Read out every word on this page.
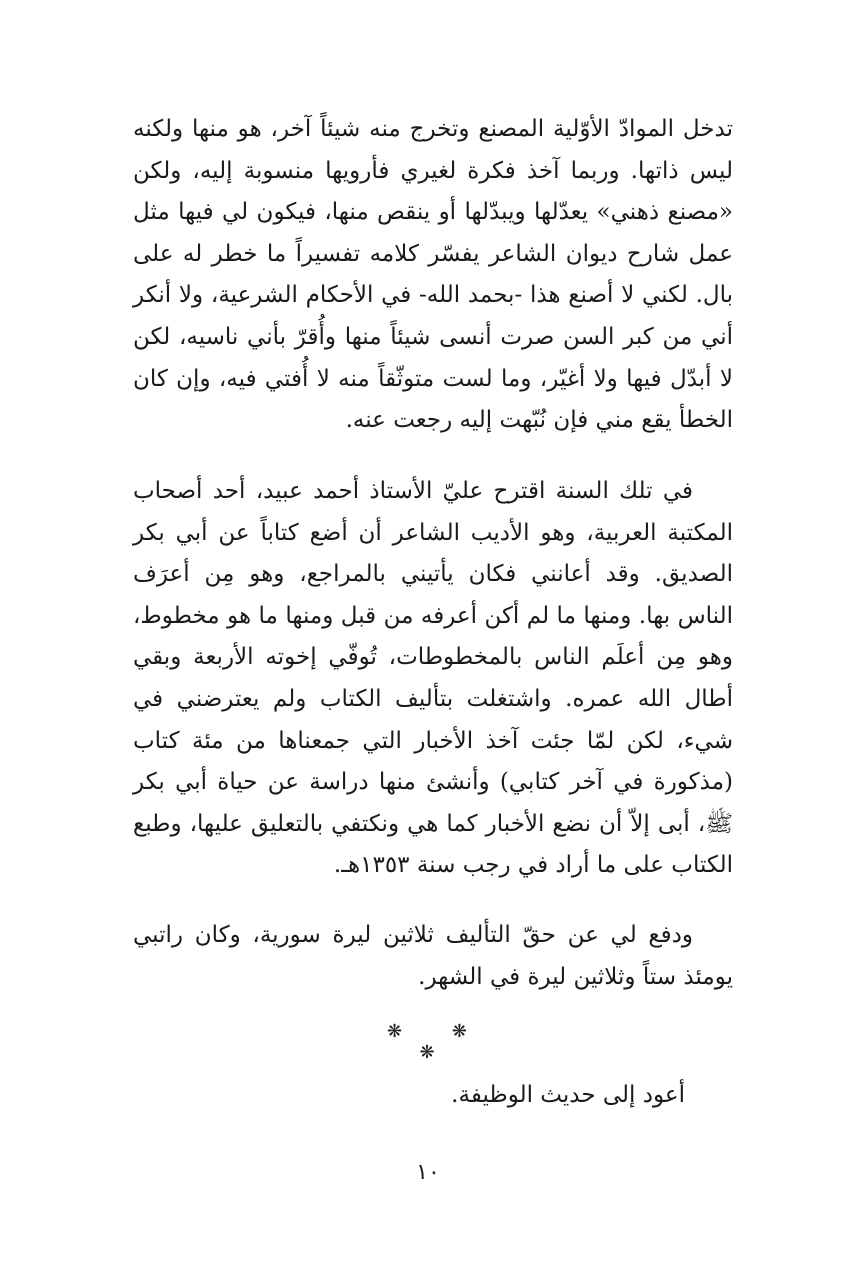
تدخل الموادّ الأوّلية المصنع وتخرج منه شيئاً آخر، هو منها ولكنه ليس ذاتها. وربما آخذ فكرة لغيري فأرويها منسوبة إليه، ولكن «مصنع ذهني» يعدّلها ويبدّلها أو ينقص منها، فيكون لي فيها مثل عمل شارح ديوان الشاعر يفسّر كلامه تفسيراً ما خطر له على بال. لكني لا أصنع هذا -بحمد الله- في الأحكام الشرعية، ولا أنكر أني من كبر السن صرت أنسى شيئاً منها وأُقرّ بأني ناسيه، لكن لا أبدّل فيها ولا أغيّر، وما لست متوثّقاً منه لا أُفتي فيه، وإن كان الخطأ يقع مني فإن نُبّهت إليه رجعت عنه.

في تلك السنة اقترح عليّ الأستاذ أحمد عبيد، أحد أصحاب المكتبة العربية، وهو الأديب الشاعر أن أضع كتاباً عن أبي بكر الصديق. وقد أعانني فكان يأتيني بالمراجع، وهو مِن أعرَف الناس بها. ومنها ما لم أكن أعرفه من قبل ومنها ما هو مخطوط، وهو مِن أعلَم الناس بالمخطوطات، تُوفّي إخوته الأربعة وبقي أطال الله عمره. واشتغلت بتأليف الكتاب ولم يعترضني في شيء، لكن لمّا جئت آخذ الأخبار التي جمعناها من مئة كتاب (مذكورة في آخر كتابي) وأنشئ منها دراسة عن حياة أبي بكر ﷺ، أبى إلاّ أن نضع الأخبار كما هي ونكتفي بالتعليق عليها، وطبع الكتاب على ما أراد في رجب سنة ١٣٥٣هـ.

ودفع لي عن حقّ التأليف ثلاثين ليرة سورية، وكان راتبي يومئذ ستاً وثلاثين ليرة في الشهر.

❋ ❋ ❋

أعود إلى حديث الوظيفة.

١٠
